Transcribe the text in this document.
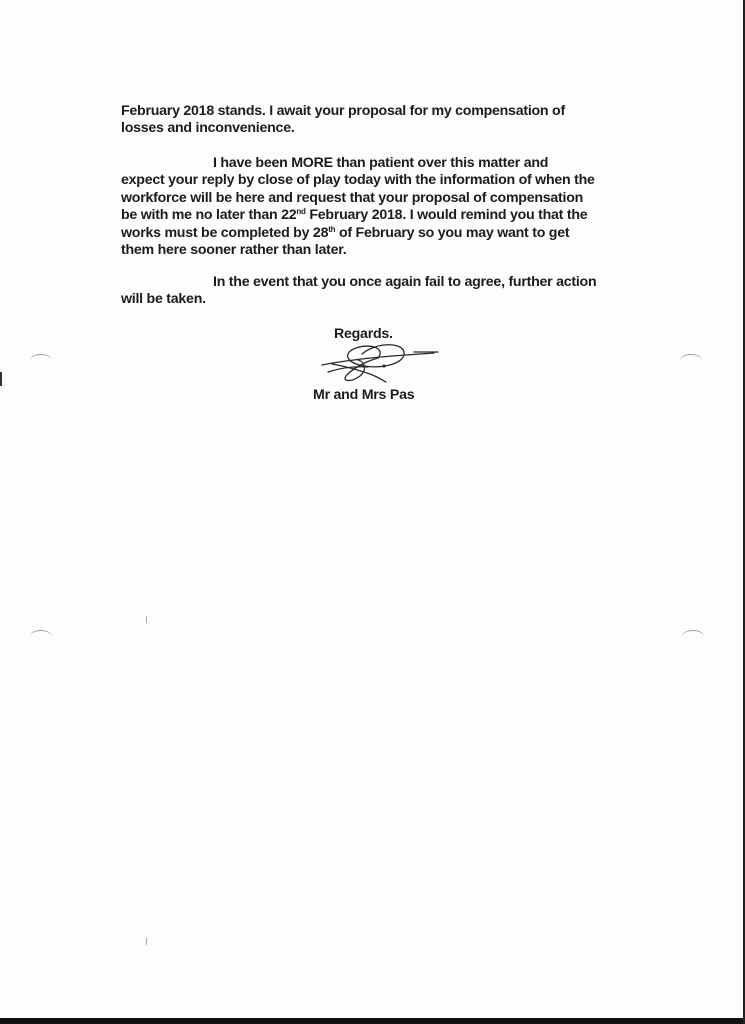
February 2018 stands. I await your proposal for my compensation of
losses and inconvenience.

I have been MORE than patient over this matter and
expect your reply by close of play today with the information of when the
workforce will be here and request that your proposal of compensation
be with me no later than 22nd February 2018. I would remind you that the
works must be completed by 28th of February so you may want to get
them here sooner rather than later.

In the event that you once again fail to agree, further action
will be taken.

Regards.
Mr and Mrs Pas
